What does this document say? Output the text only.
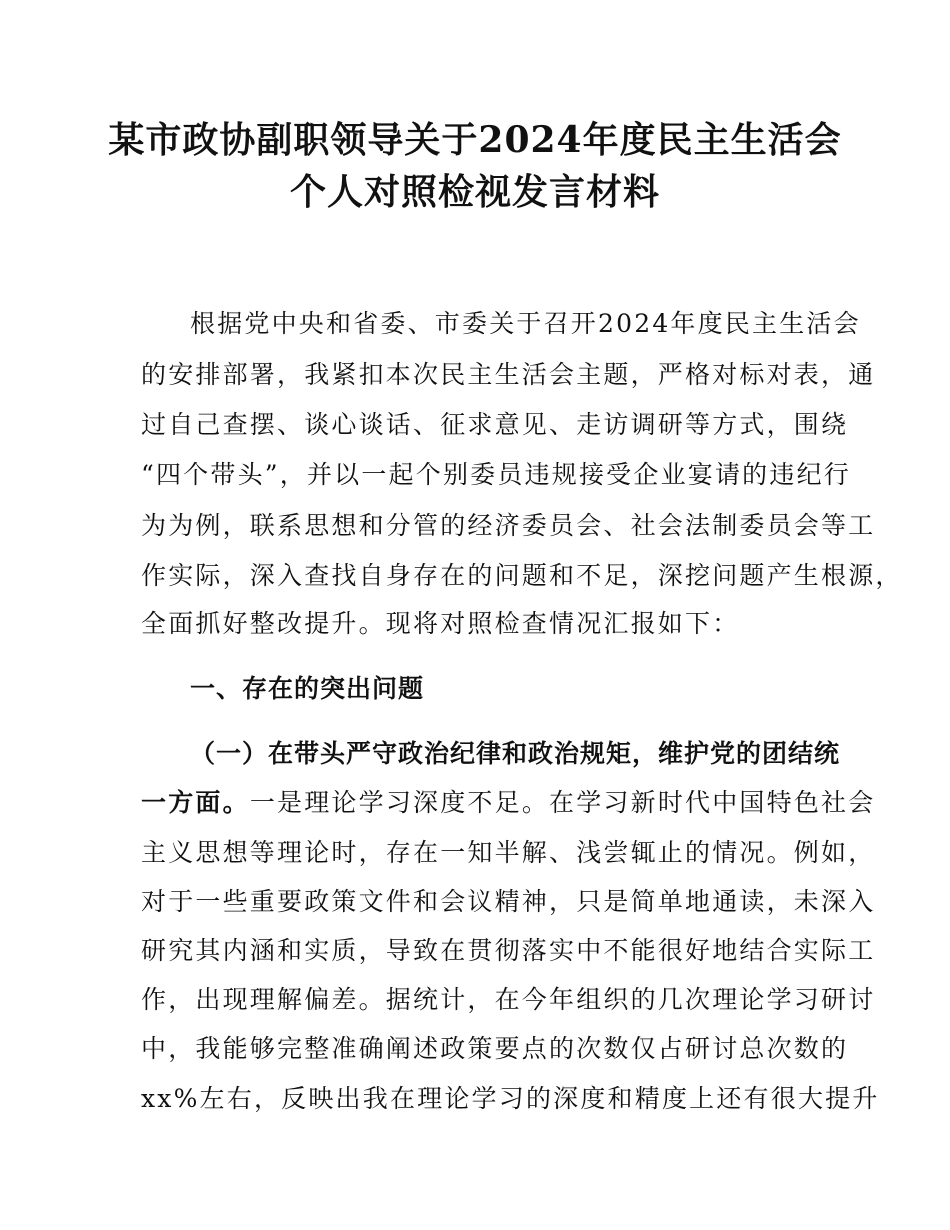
某市政协副职领导关于2024年度民主生活会
个人对照检视发言材料
根据党中央和省委、市委关于召开2024年度民主生活会
的安排部署，我紧扣本次民主生活会主题，严格对标对表，通
过自己查摆、谈心谈话、征求意见、走访调研等方式，围绕
“四个带头”，并以一起个别委员违规接受企业宴请的违纪行
为为例，联系思想和分管的经济委员会、社会法制委员会等工
作实际，深入查找自身存在的问题和不足，深挖问题产生根源，
全面抓好整改提升。现将对照检查情况汇报如下：
一、存在的突出问题
（一）在带头严守政治纪律和政治规矩，维护党的团结统
一方面。一是理论学习深度不足。在学习新时代中国特色社会
主义思想等理论时，存在一知半解、浅尝辄止的情况。例如，
对于一些重要政策文件和会议精神，只是简单地通读，未深入
研究其内涵和实质，导致在贯彻落实中不能很好地结合实际工
作，出现理解偏差。据统计，在今年组织的几次理论学习研讨
中，我能够完整准确阐述政策要点的次数仅占研讨总次数的
xx%左右，反映出我在理论学习的深度和精度上还有很大提升
